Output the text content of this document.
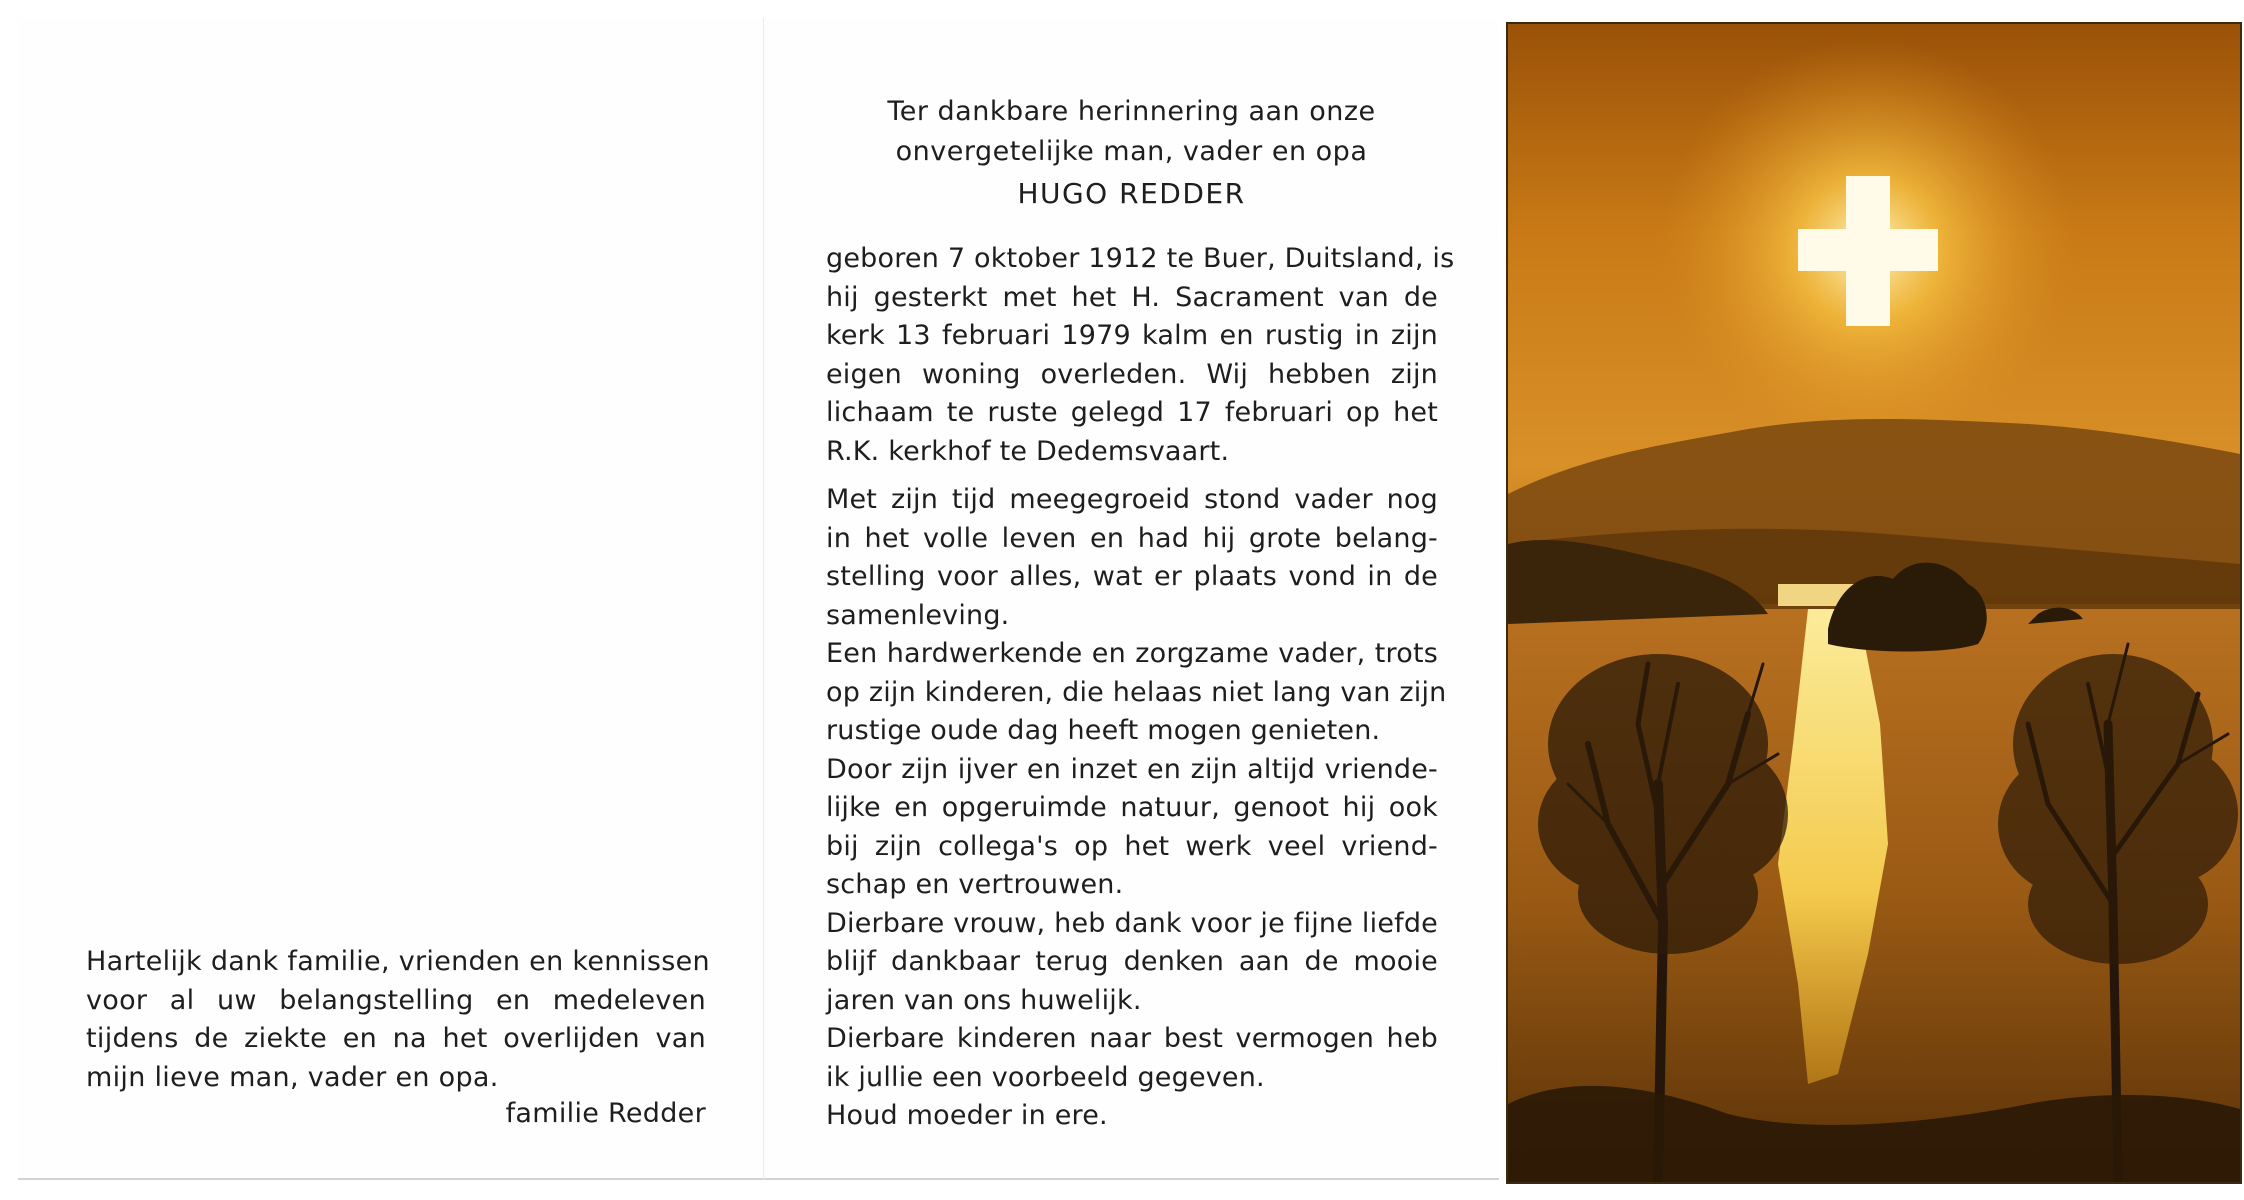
Hartelijk dank familie, vrienden en kennissen
voor al uw belangstelling en medeleven
tijdens de ziekte en na het overlijden van
mijn lieve man, vader en opa.
familie Redder
Ter dankbare herinnering aan onze
onvergetelijke man, vader en opa
HUGO REDDER
geboren 7 oktober 1912 te Buer, Duitsland, is
hij gesterkt met het H. Sacrament van de
kerk 13 februari 1979 kalm en rustig in zijn
eigen woning overleden. Wij hebben zijn
lichaam te ruste gelegd 17 februari op het
R.K. kerkhof te Dedemsvaart.
Met zijn tijd meegegroeid stond vader nog
in het volle leven en had hij grote belang-
stelling voor alles, wat er plaats vond in de
samenleving.
Een hardwerkende en zorgzame vader, trots
op zijn kinderen, die helaas niet lang van zijn
rustige oude dag heeft mogen genieten.
Door zijn ijver en inzet en zijn altijd vriende-
lijke en opgeruimde natuur, genoot hij ook
bij zijn collega's op het werk veel vriend-
schap en vertrouwen.
Dierbare vrouw, heb dank voor je fijne liefde
blijf dankbaar terug denken aan de mooie
jaren van ons huwelijk.
Dierbare kinderen naar best vermogen heb
ik jullie een voorbeeld gegeven.
Houd moeder in ere.
